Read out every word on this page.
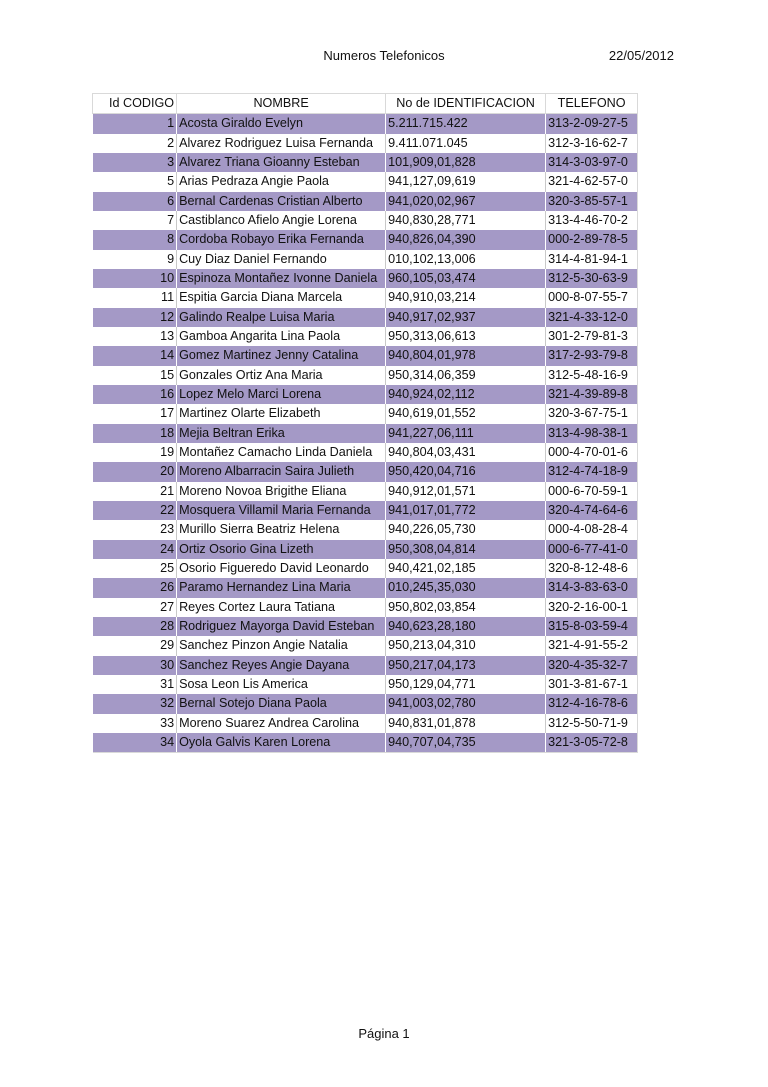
Numeros Telefonicos	22/05/2012
Id CODIGO	NOMBRE	No de IDENTIFICACION	TELEFONO
1	Acosta Giraldo Evelyn	5.211.715.422	313-2-09-27-5
2	Alvarez Rodriguez Luisa Fernanda	9.411.071.045	312-3-16-62-7
3	Alvarez Triana Gioanny Esteban	101,909,01,828	314-3-03-97-0
5	Arias Pedraza Angie Paola	941,127,09,619	321-4-62-57-0
6	Bernal Cardenas Cristian Alberto	941,020,02,967	320-3-85-57-1
7	Castiblanco Afielo Angie Lorena	940,830,28,771	313-4-46-70-2
8	Cordoba Robayo Erika Fernanda	940,826,04,390	000-2-89-78-5
9	Cuy Diaz Daniel Fernando	010,102,13,006	314-4-81-94-1
10	Espinoza Montañez Ivonne Daniela	960,105,03,474	312-5-30-63-9
11	Espitia Garcia Diana Marcela	940,910,03,214	000-8-07-55-7
12	Galindo Realpe Luisa Maria	940,917,02,937	321-4-33-12-0
13	Gamboa Angarita Lina Paola	950,313,06,613	301-2-79-81-3
14	Gomez Martinez Jenny Catalina	940,804,01,978	317-2-93-79-8
15	Gonzales Ortiz Ana Maria	950,314,06,359	312-5-48-16-9
16	Lopez Melo Marci Lorena	940,924,02,112	321-4-39-89-8
17	Martinez Olarte Elizabeth	940,619,01,552	320-3-67-75-1
18	Mejia Beltran Erika	941,227,06,111	313-4-98-38-1
19	Montañez Camacho Linda Daniela	940,804,03,431	000-4-70-01-6
20	Moreno Albarracin Saira Julieth	950,420,04,716	312-4-74-18-9
21	Moreno Novoa Brigithe Eliana	940,912,01,571	000-6-70-59-1
22	Mosquera Villamil Maria Fernanda	941,017,01,772	320-4-74-64-6
23	Murillo Sierra Beatriz Helena	940,226,05,730	000-4-08-28-4
24	Ortiz Osorio Gina Lizeth	950,308,04,814	000-6-77-41-0
25	Osorio Figueredo David Leonardo	940,421,02,185	320-8-12-48-6
26	Paramo Hernandez Lina Maria	010,245,35,030	314-3-83-63-0
27	Reyes Cortez Laura Tatiana	950,802,03,854	320-2-16-00-1
28	Rodriguez Mayorga David Esteban	940,623,28,180	315-8-03-59-4
29	Sanchez Pinzon Angie Natalia	950,213,04,310	321-4-91-55-2
30	Sanchez Reyes Angie Dayana	950,217,04,173	320-4-35-32-7
31	Sosa Leon Lis America	950,129,04,771	301-3-81-67-1
32	Bernal Sotejo Diana Paola	941,003,02,780	312-4-16-78-6
33	Moreno Suarez Andrea Carolina	940,831,01,878	312-5-50-71-9
34	Oyola Galvis Karen Lorena	940,707,04,735	321-3-05-72-8
Página 1
